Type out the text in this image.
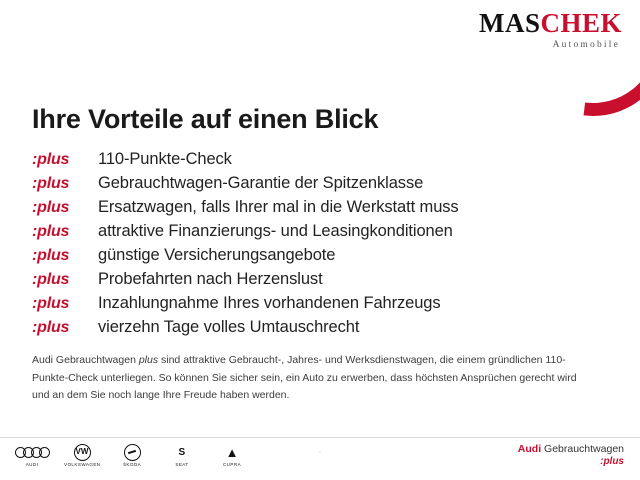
MASCHEK
Automobile
Ihre Vorteile auf einen Blick
:plus	110-Punkte-Check
:plus	Gebrauchtwagen-Garantie der Spitzenklasse
:plus	Ersatzwagen, falls Ihrer mal in die Werkstatt muss
:plus	attraktive Finanzierungs- und Leasingkonditionen
:plus	günstige Versicherungsangebote
:plus	Probefahrten nach Herzenslust
:plus	Inzahlungnahme Ihres vorhandenen Fahrzeugs
:plus	vierzehn Tage volles Umtauschrecht
Audi Gebrauchtwagen plus sind attraktive Gebraucht-, Jahres- und Werksdienstwagen, die einem gründlichen 110-Punkte-Check unterliegen. So können Sie sicher sein, ein Auto zu erwerben, dass höchsten Ansprüchen gerecht wird und an dem Sie noch lange Ihre Freude haben werden.
.
AUDI
VW
VOLKSWAGEN	ŠKODA
S
SEAT
▲
CUPRA
Audi Gebrauchtwagen
:plus
